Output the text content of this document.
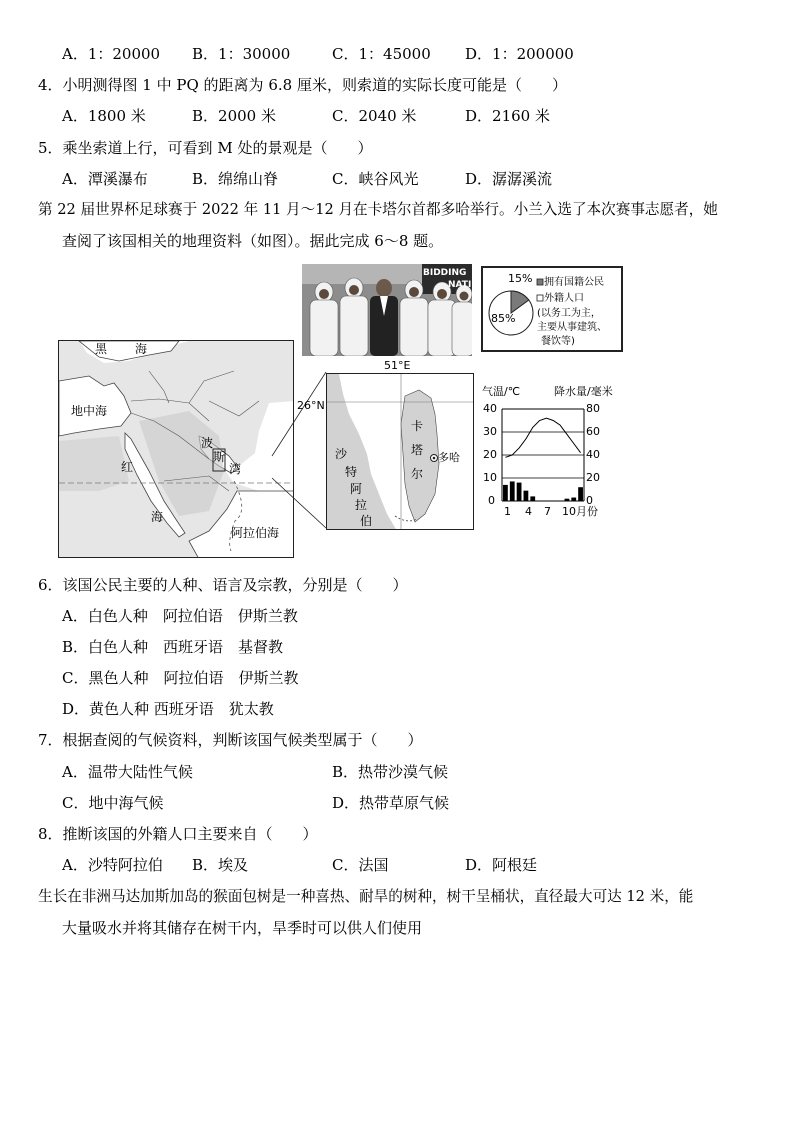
A．1：20000 B．1：30000	C．1：45000 D．1：200000
4．小明测得图 1 中 PQ 的距离为 6.8 厘米，则索道的实际长度可能是（　　）
A．1800 米	B．2000 米	C．2040 米	D．2160 米
5．乘坐索道上行，可看到 M 处的景观是（　　）
A．潭溪瀑布	B．绵绵山脊	C．峡谷风光	D．潺潺溪流
第 22 届世界杯足球赛于 2022 年 11 月～12 月在卡塔尔首都多哈举行。小兰入选了本次赛事志愿者，她
查阅了该国相关的地理资料（如图）。据此完成 6～8 题。
BIDDING
NATI	15%
85%
拥有国籍公民
外籍人口
(以务工为主，
主要从事建筑、
餐饮等)
黑 海
地中海
波
斯
湾
红
海
阿拉伯海
51°E
沙
特
阿
拉
伯
卡
塔
尔
多哈
26°N
气温/℃	降水量/毫米
40
30
20
10
0
80
60
40
20
0
1 4 7 10月份
6．该国公民主要的人种、语言及宗教，分别是（　　）
A．白色人种　阿拉伯语　伊斯兰教
B．白色人种　西班牙语　基督教
C．黑色人种　阿拉伯语　伊斯兰教
D．黄色人种 西班牙语　犹太教
7．根据查阅的气候资料，判断该国气候类型属于（　　）
A．温带大陆性气候	B．热带沙漠气候
C．地中海气候	D．热带草原气候
8．推断该国的外籍人口主要来自（　　）
A．沙特阿拉伯 B．埃及	C．法国	D．阿根廷
生长在非洲马达加斯加岛的猴面包树是一种喜热、耐旱的树种，树干呈桶状，直径最大可达 12 米，能
大量吸水并将其储存在树干内，旱季时可以供人们使用
